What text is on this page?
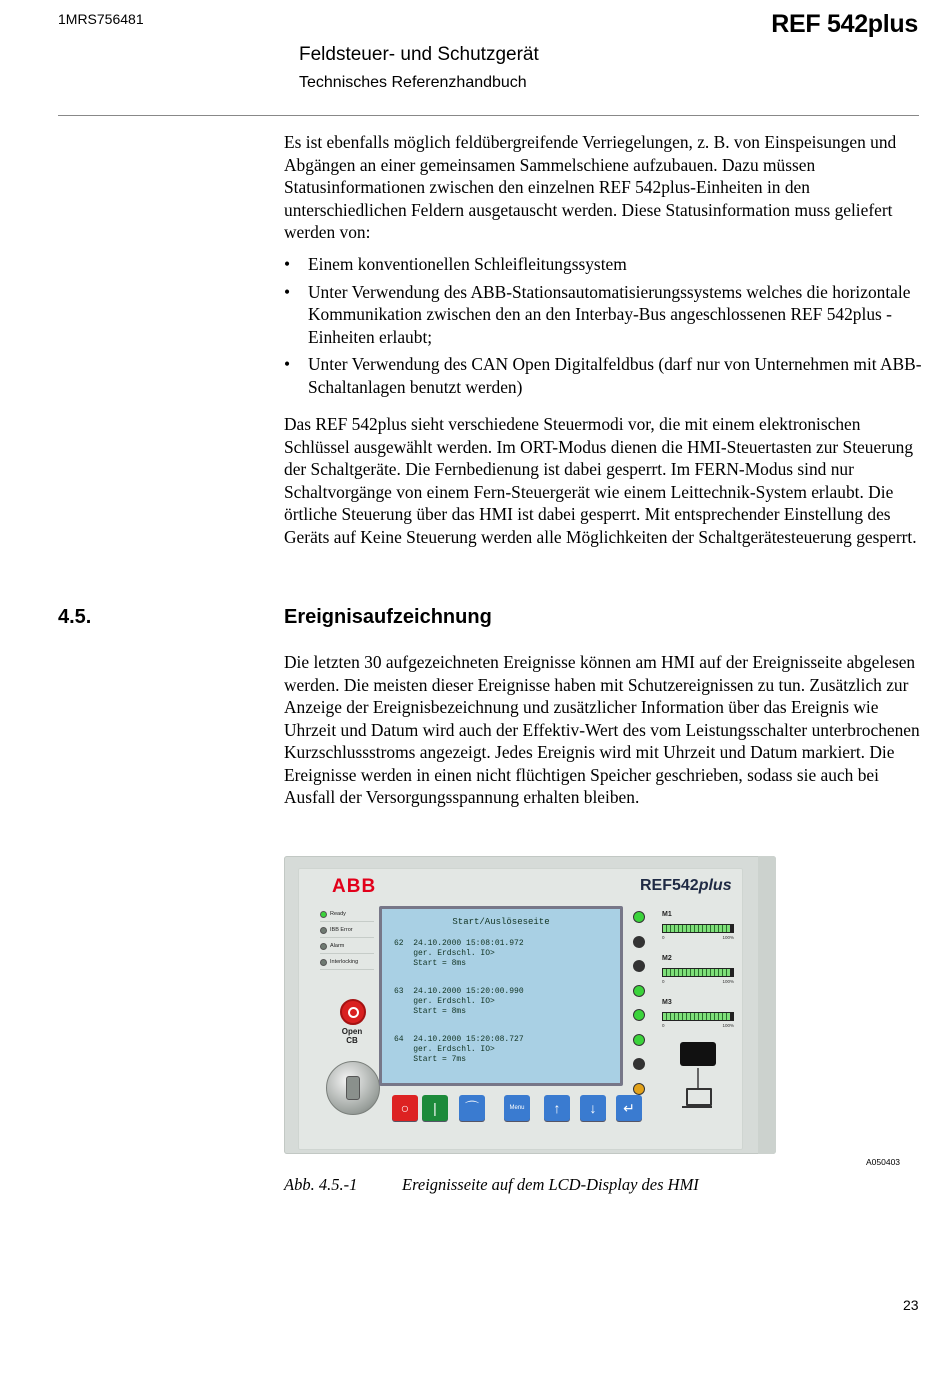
1MRS756481	REF 542plus
Feldsteuer- und Schutzgerät
Technisches Referenzhandbuch
Es ist ebenfalls möglich feldübergreifende Verriegelungen, z. B. von Einspeisungen und Abgängen an einer gemeinsamen Sammelschiene aufzubauen. Dazu müssen Statusinformationen zwischen den einzelnen REF 542plus-Einheiten in den unterschiedlichen Feldern ausgetauscht werden. Diese Statusinformation muss geliefert werden von:
• Einem konventionellen Schleifleitungssystem
• Unter Verwendung des ABB-Stationsautomatisierungssystems welches die horizontale Kommunikation zwischen den an den Interbay-Bus angeschlossenen REF 542plus -Einheiten erlaubt;
• Unter Verwendung des CAN Open Digitalfeldbus (darf nur von Unternehmen mit ABB-Schaltanlagen benutzt werden)
Das REF 542plus sieht verschiedene Steuermodi vor, die mit einem elektronischen Schlüssel ausgewählt werden. Im ORT-Modus dienen die HMI-Steuertasten zur Steuerung der Schaltgeräte. Die Fernbedienung ist dabei gesperrt. Im FERN-Modus sind nur Schaltvorgänge von einem Fern-Steuergerät wie einem Leittechnik-System erlaubt. Die örtliche Steuerung über das HMI ist dabei gesperrt. Mit entsprechender Einstellung des Geräts auf Keine Steuerung werden alle Möglichkeiten der Schaltgerätesteuerung gesperrt.
4.5.	Ereignisaufzeichnung
Die letzten 30 aufgezeichneten Ereignisse können am HMI auf der Ereignisseite abgelesen werden. Die meisten dieser Ereignisse haben mit Schutzereignissen zu tun. Zusätzlich zur Anzeige der Ereignisbezeichnung und zusätzlicher Information über das Ereignis wie Uhrzeit und Datum wird auch der Effektiv-Wert des vom Leistungsschalter unterbrochenen Kurzschlussstroms angezeigt. Jedes Ereignis wird mit Uhrzeit und Datum markiert. Die Ereignisse werden in einen nicht flüchtigen Speicher geschrieben, sodass sie auch bei Ausfall der Versorgungsspannung erhalten bleiben.
ABB	REF542plus
Ready
IBB Error
Alarm
Interlocking
Open
CB
Start/Auslöseseite
62  24.10.2000 15:08:01.972
ger. Erdschl. IO>
Start = 8ms
63  24.10.2000 15:20:00.990
ger. Erdschl. IO>
Start = 8ms
64  24.10.2000 15:20:08.727
ger. Erdschl. IO>
Start = 7ms
M1
0	100%
M2
0	100%
M3
0	100%
○ | ⌒	Menu ↑ ↓ ↵
A050403
Abb. 4.5.-1	Ereignisseite auf dem LCD-Display des HMI
23
